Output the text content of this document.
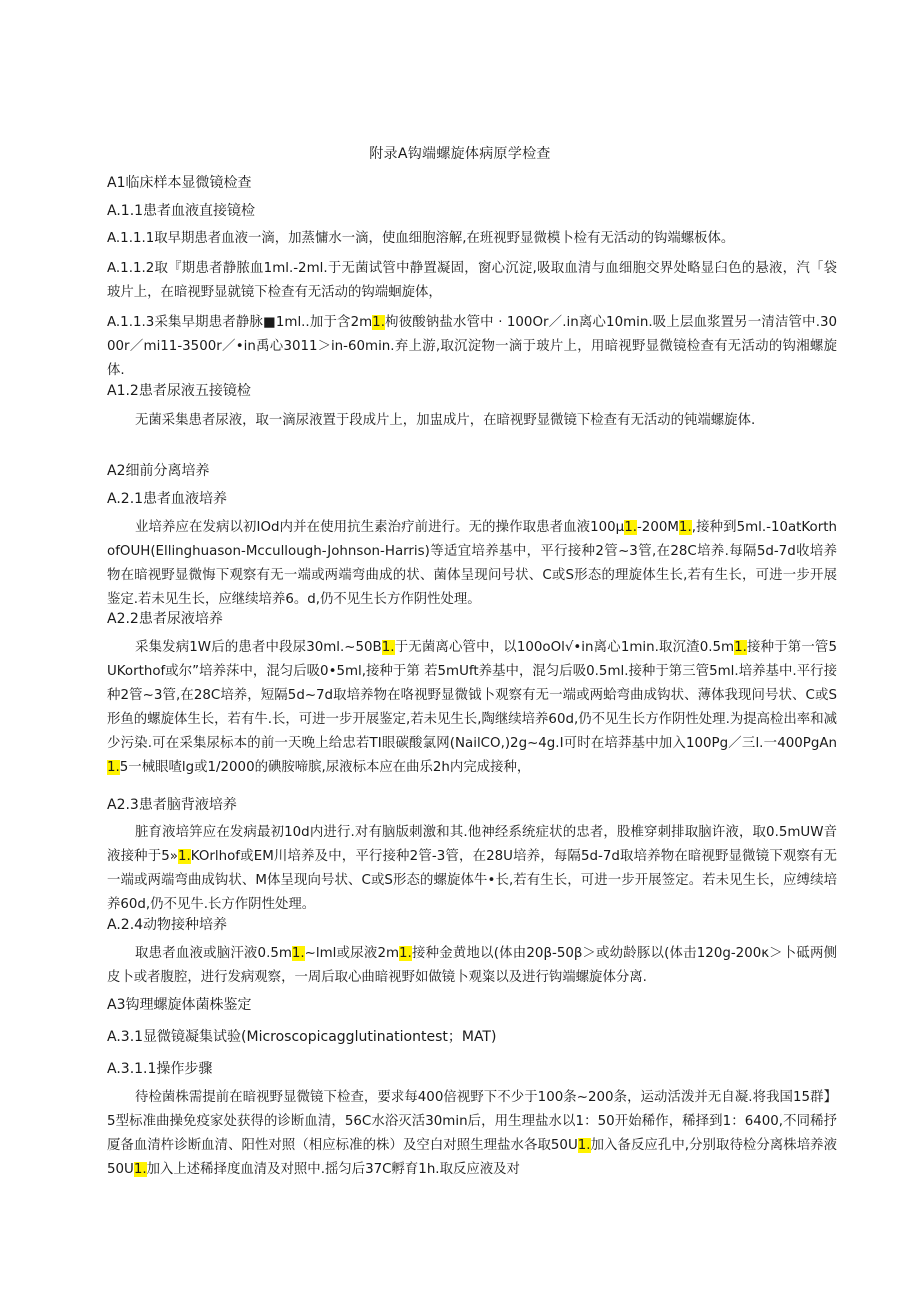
附录A钩端螺旋体病原学检查
A1临床样本显微镜检查
A.1.1患者血液直接镜检
A.1.1.1取早期患者血液一滴，加蒸慵水一滴，使血细胞溶解,在班视野显微模卜检有无活动的钩端螺板体。
A.1.1.2取『期患者静脓血1ml.-2ml.于无菌试管中静置凝固，窗心沉淀,吸取血清与血细胞交界处略显臼色的悬液，汽「袋玻片上，在暗视野显就镜下检查有无活动的钩端蛔旋体，
A.1.1.3采集早期患者静脉■1ml..加于含2m1.枸彼酸钠盐水管中 · 100Or／.in离心10min.吸上层血浆置另一清洁管中.3000r／mi11-3500r／•in禹心3011＞in-60min.弃上游,取沉淀物一滴于玻片上，用暗视野显微镜检查有无活动的钩湘螺旋体.
A1.2患者尿液五接镜检
无菌采集患者尿液，取一滴尿液置于段成片上，加盅成片，在暗视野显微镜下检查有无活动的钝端螺旋体.
A2细前分离培养
A.2.1患者血液培养
业培养应在发病以初IOd内并在使用抗生素治疗前进行。无的操作取患者血液100μ1.-200M1.,接种到5ml.-10atKorthofOUH(Ellinghuason-Mccullough-Johnson-Harris)等适宜培养基中，平行接种2管~3管,在28C培养.每隔5d-7d收培养物在暗视野显微悔下观察有无一端或两端弯曲成的状、菌体呈现问号状、C或S形态的理旋体生长,若有生长，可进一步开展鉴定.若未见生长，应继续培养6。d,仍不见生长方作阴性处理。
A2.2患者尿液培养
采集发病1W后的患者中段尿30ml.~50B1.于无菌离心管中，以100oOl√•in离心1min.取沉渣0.5m1.接种于第一管5UKorthof或尔”培养莯中，混匀后吸0•5ml,接种于第 若5mUft养基中，混匀后吸0.5ml.接种于第三管5ml.培养基中.平行接种2管~3管,在28C培养，短隔5d~7d取培养物在咯视野显微钺卜观察有无一端或两蛤弯曲成钩状、薄体我现问号状、C或S形鱼的螺旋体生长，若有牛.长，可进一步开展鉴定,若未见生长,陶继续培养60d,仍不见生长方作阴性处理.为提高检出率和减少污染.可在采集尿标本的前一天晚上给忠若TI眼碳酸氯网(NailCO,)2g~4g.I可时在培莽基中加入100Pg／三l.一400PgAn1.5一械眼喳lg或1/2000的碘胺啼膑,尿液标本应在曲乐2h内完成接种，
A2.3患者脑背液培养
脏育液培笄应在发病最初10d内进行.对有脑版刺激和其.他神经系统症状的忠者，股椎穿刺排取脑许液，取0.5mUW音液接种于5»1.KOrlhof或EM川培养及中，平行接种2管-3管，在28U培养，每隔5d-7d取培养物在暗视野显微镜下观察有无一端或两端弯曲成钩状、M体呈现向号状、C或S形态的螺旋体牛•长,若有生长，可进一步开展签定。若未见生长，应缚续培养60d,仍不见牛.长方作阴性处理。
A.2.4动物接种培养
取患者血液或脑汗液0.5m1.~lml或尿液2m1.接种金黄地以(体由20β-50β＞或幼龄豚以(体击120g-200κ＞卜砥两侧皮卜或者腹腔，进行发病观察，一周后取心曲暗视野如做镜卜观粢以及进行钩端螺旋体分离.
A3钩理螺旋体菌株鉴定
A.3.1显微镜凝集试验(Microscopicagglutinationtest；MAT)
A.3.1.1操作步骤
待检菌株需提前在暗视野显微镜下检查，要求每400倍视野下不少于100条~200条，运动活泼并无自凝.将我国15群】5型标准曲操免疫家处获得的诊断血清，56C水浴灭活30min后，用生理盐水以1：50开始稀作，稀择到1：6400,不同稀抒厦备血清杵诊断血清、阳性对照（相应标准的株）及空白对照生理盐水各取50U1.加入备反应孔中,分别取待检分离株培养液50U1.加入上述稀择度血清及对照中.摇匀后37C孵育1h.取反应液及对
